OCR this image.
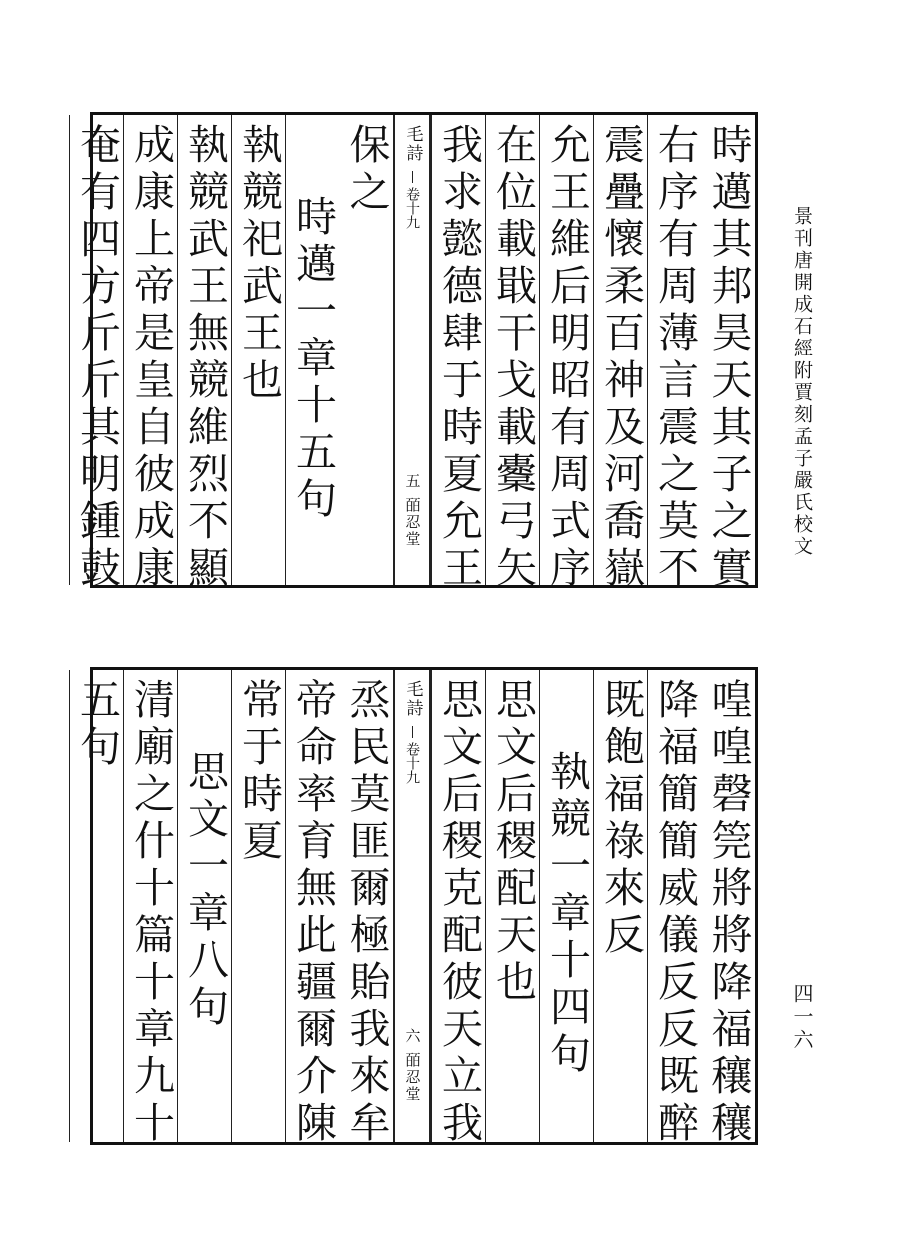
景刊唐開成石經附賈刻孟子嚴氏校文
四一六
時邁其邦昊天其子之實
右序有周薄言震之莫不
震疊懷柔百神及河喬嶽
允王維后明昭有周式序
在位載戢干戈載櫜弓矢
我求懿德肆于時夏允王
毛詩
卷十九
五
皕忍堂
保之
時邁一章十五句
執競祀武王也
執競武王無競維烈不顯
成康上帝是皇自彼成康
奄有四方斤斤其明鍾鼓
喤喤磬筦將將降福穰穰
降福簡簡威儀反反既醉
既飽福祿來反
執競一章十四句
思文后稷配天也
思文后稷克配彼天立我
毛詩
卷十九
六
皕忍堂
烝民莫匪爾極貽我來牟
帝命率育無此疆爾介陳
常于時夏
思文一章八句
清廟之什十篇十章九十
五句
